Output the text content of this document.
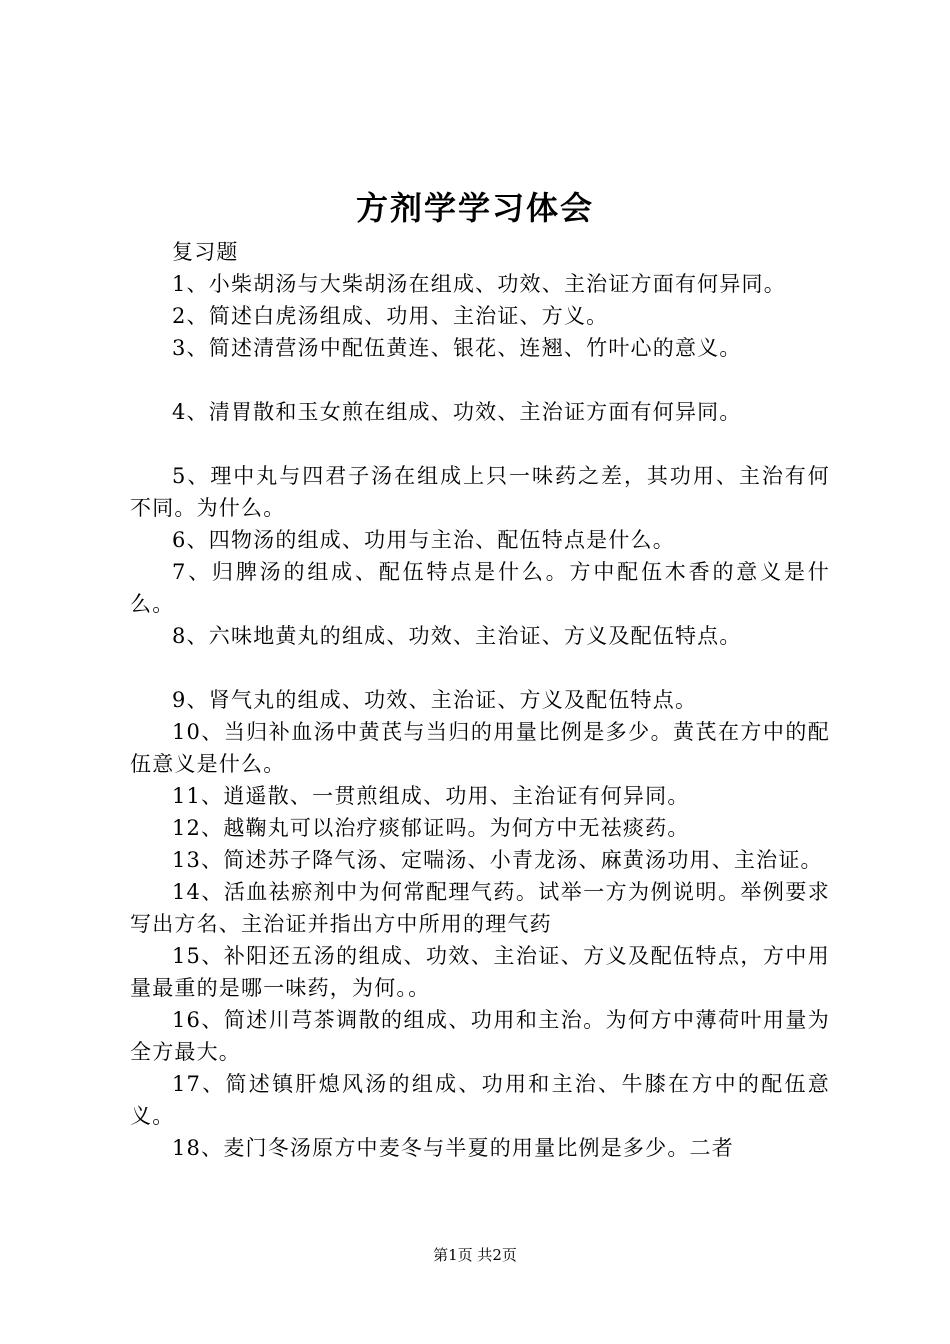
方剂学学习体会

复习题

1、小柴胡汤与大柴胡汤在组成、功效、主治证方面有何异同。

2、简述白虎汤组成、功用、主治证、方义。

3、简述清营汤中配伍黄连、银花、连翘、竹叶心的意义。

4、清胃散和玉女煎在组成、功效、主治证方面有何异同。

5、理中丸与四君子汤在组成上只一味药之差，其功用、主治有何不同。为什么。

6、四物汤的组成、功用与主治、配伍特点是什么。

7、归脾汤的组成、配伍特点是什么。方中配伍木香的意义是什么。

8、六味地黄丸的组成、功效、主治证、方义及配伍特点。

9、肾气丸的组成、功效、主治证、方义及配伍特点。

10、当归补血汤中黄芪与当归的用量比例是多少。黄芪在方中的配伍意义是什么。

11、逍遥散、一贯煎组成、功用、主治证有何异同。

12、越鞠丸可以治疗痰郁证吗。为何方中无祛痰药。

13、简述苏子降气汤、定喘汤、小青龙汤、麻黄汤功用、主治证。

14、活血祛瘀剂中为何常配理气药。试举一方为例说明。举例要求写出方名、主治证并指出方中所用的理气药

15、补阳还五汤的组成、功效、主治证、方义及配伍特点，方中用量最重的是哪一味药，为何。。

16、简述川芎茶调散的组成、功用和主治。为何方中薄荷叶用量为全方最大。

17、简述镇肝熄风汤的组成、功用和主治、牛膝在方中的配伍意义。

18、麦门冬汤原方中麦冬与半夏的用量比例是多少。二者

第1页 共2页
